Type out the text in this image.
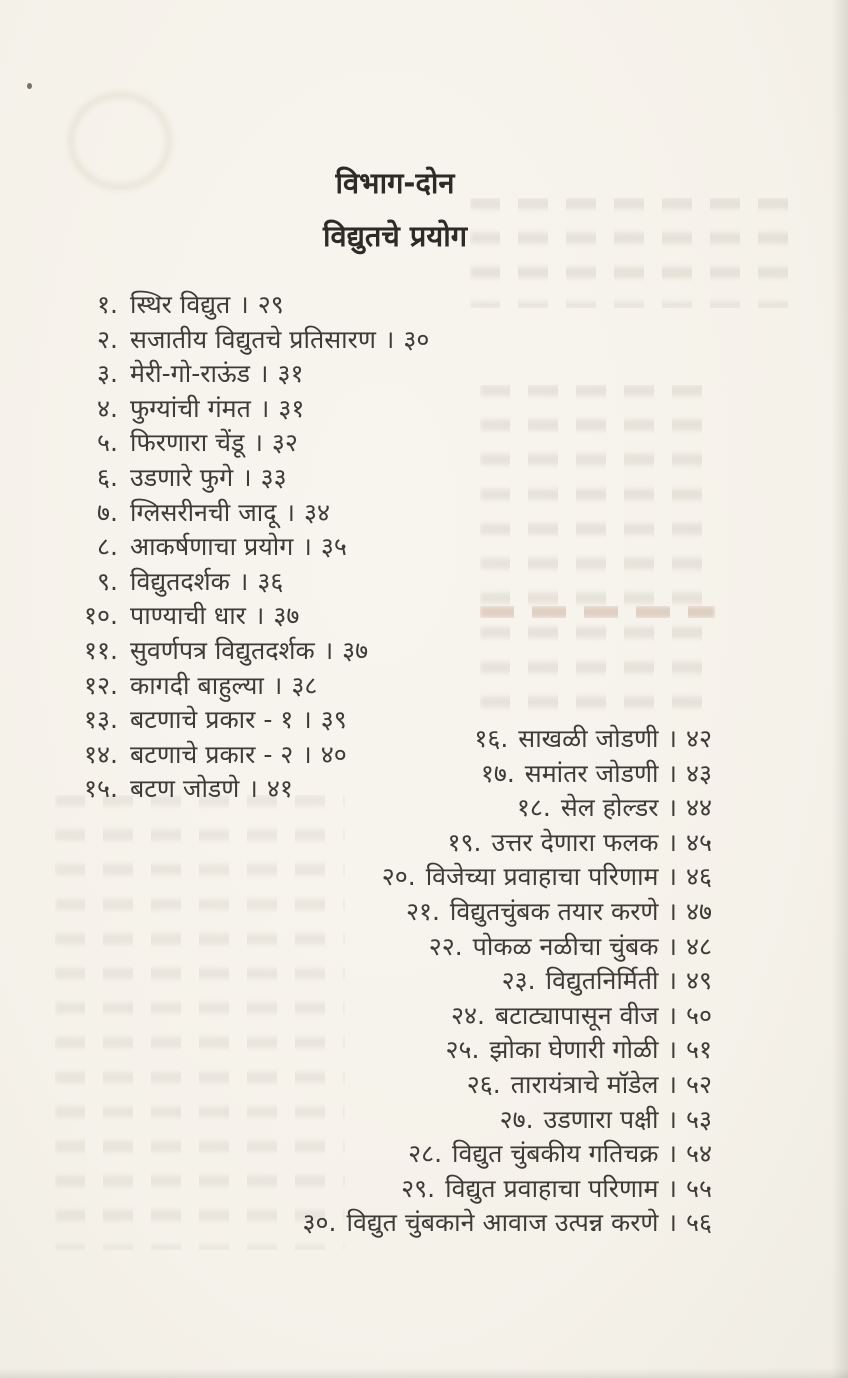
विभाग-दोन
विद्युतचे प्रयोग
१. स्थिर विद्युत । २९
२. सजातीय विद्युतचे प्रतिसारण । ३०
३. मेरी-गो-राऊंड । ३१
४. फुग्यांची गंमत । ३१
५. फिरणारा चेंडू । ३२
६. उडणारे फुगे । ३३
७. ग्लिसरीनची जादू । ३४
८. आकर्षणाचा प्रयोग । ३५
९. विद्युतदर्शक । ३६
१०. पाण्याची धार । ३७
११. सुवर्णपत्र विद्युतदर्शक । ३७
१२. कागदी बाहुल्या । ३८
१३. बटणाचे प्रकार - १ । ३९
१४. बटणाचे प्रकार - २ । ४०
१५. बटण जोडणे । ४१
१६. साखळी जोडणी । ४२
१७. समांतर जोडणी । ४३
१८. सेल होल्डर । ४४
१९. उत्तर देणारा फलक । ४५
२०. विजेच्या प्रवाहाचा परिणाम । ४६
२१. विद्युतचुंबक तयार करणे । ४७
२२. पोकळ नळीचा चुंबक । ४८
२३. विद्युतनिर्मिती । ४९
२४. बटाट्यापासून वीज । ५०
२५. झोका घेणारी गोळी । ५१
२६. तारायंत्राचे मॉडेल । ५२
२७. उडणारा पक्षी । ५३
२८. विद्युत चुंबकीय गतिचक्र । ५४
२९. विद्युत प्रवाहाचा परिणाम । ५५
३०. विद्युत चुंबकाने आवाज उत्पन्न करणे । ५६
